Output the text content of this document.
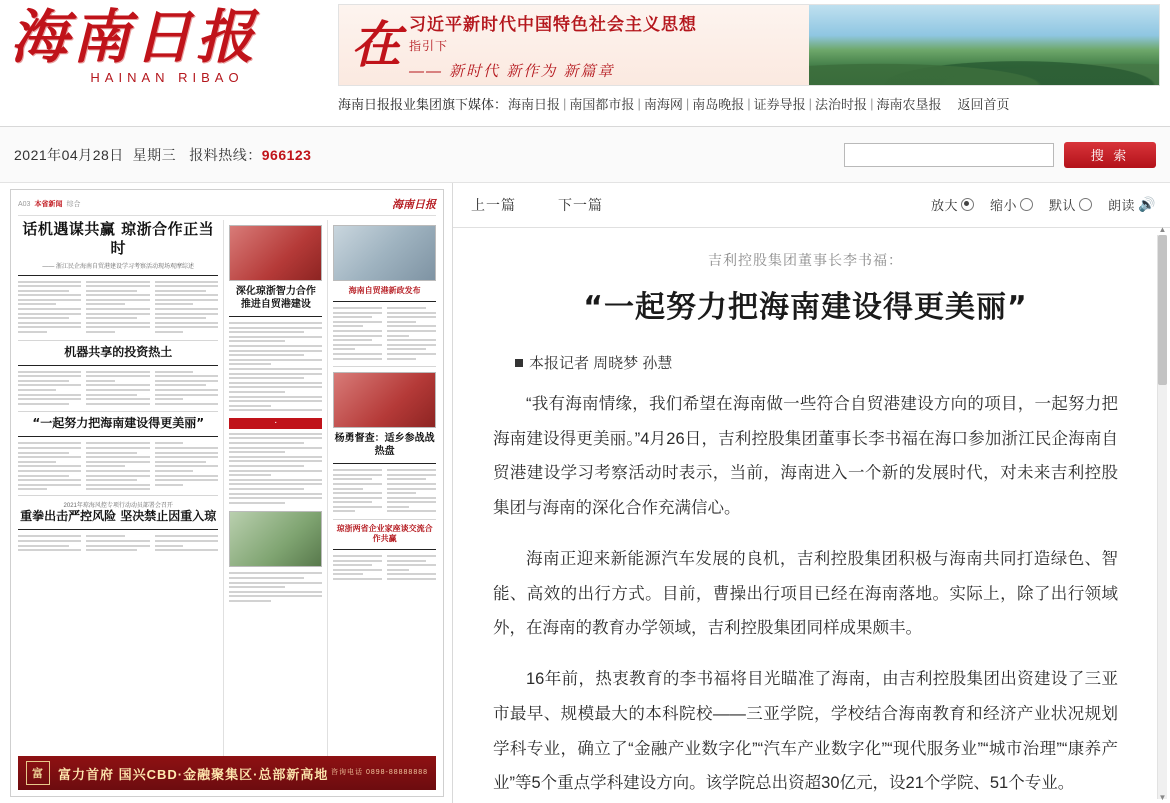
海南日报
HAINAN RIBAO
在 习近平新时代中国特色社会主义思想
指引下
—— 新时代 新作为 新篇章
海南日报报业集团旗下媒体： 海南日报 | 南国都市报 | 南海网 | 南岛晚报 | 证券导报 | 法治时报 | 海南农垦报 返回首页
2021年04月28日 星期三 报料热线：966123	搜 索
A03 本省新闻 综合	海南日报
话机遇谋共赢 琼浙合作正当时
—— 浙江民企海南自贸港建设学习考察活动现场观摩综述
机器共享的投资热土
“一起努力把海南建设得更美丽”
2021年琼海风控专项行动动员部署会召开
重拳出击严控风险 坚决禁止因重入琼
深化琼浙智力合作 推进自贸港建设
·
海南自贸港新政发布
杨勇督查：适乡参战战热盘
琼浙两省企业家座谈交流合作共赢
富	富力首府 国兴CBD·金融聚集区·总部新高地 咨询电话 0898-88888888
上一篇	下一篇	放大 缩小 默认 朗读 🔊
吉利控股集团董事长李书福：
“一起努力把海南建设得更美丽”
本报记者 周晓梦 孙慧

“我有海南情缘，我们希望在海南做一些符合自贸港建设方向的项目，一起努力把海南建设得更美丽。”4月26日，吉利控股集团董事长李书福在海口参加浙江民企海南自贸港建设学习考察活动时表示，当前，海南进入一个新的发展时代，对未来吉利控股集团与海南的深化合作充满信心。

海南正迎来新能源汽车发展的良机，吉利控股集团积极与海南共同打造绿色、智能、高效的出行方式。目前，曹操出行项目已经在海南落地。实际上，除了出行领域外，在海南的教育办学领域，吉利控股集团同样成果颇丰。

16年前，热衷教育的李书福将目光瞄准了海南，由吉利控股集团出资建设了三亚市最早、规模最大的本科院校——三亚学院，学校结合海南教育和经济产业状况规划学科专业，确立了“金融产业数字化”“汽车产业数字化”“现代服务业”“城市治理”“康养产业”等5个重点学科建设方向。该学院总出资超30亿元，设21个学院、51个专业。

▲
▼
